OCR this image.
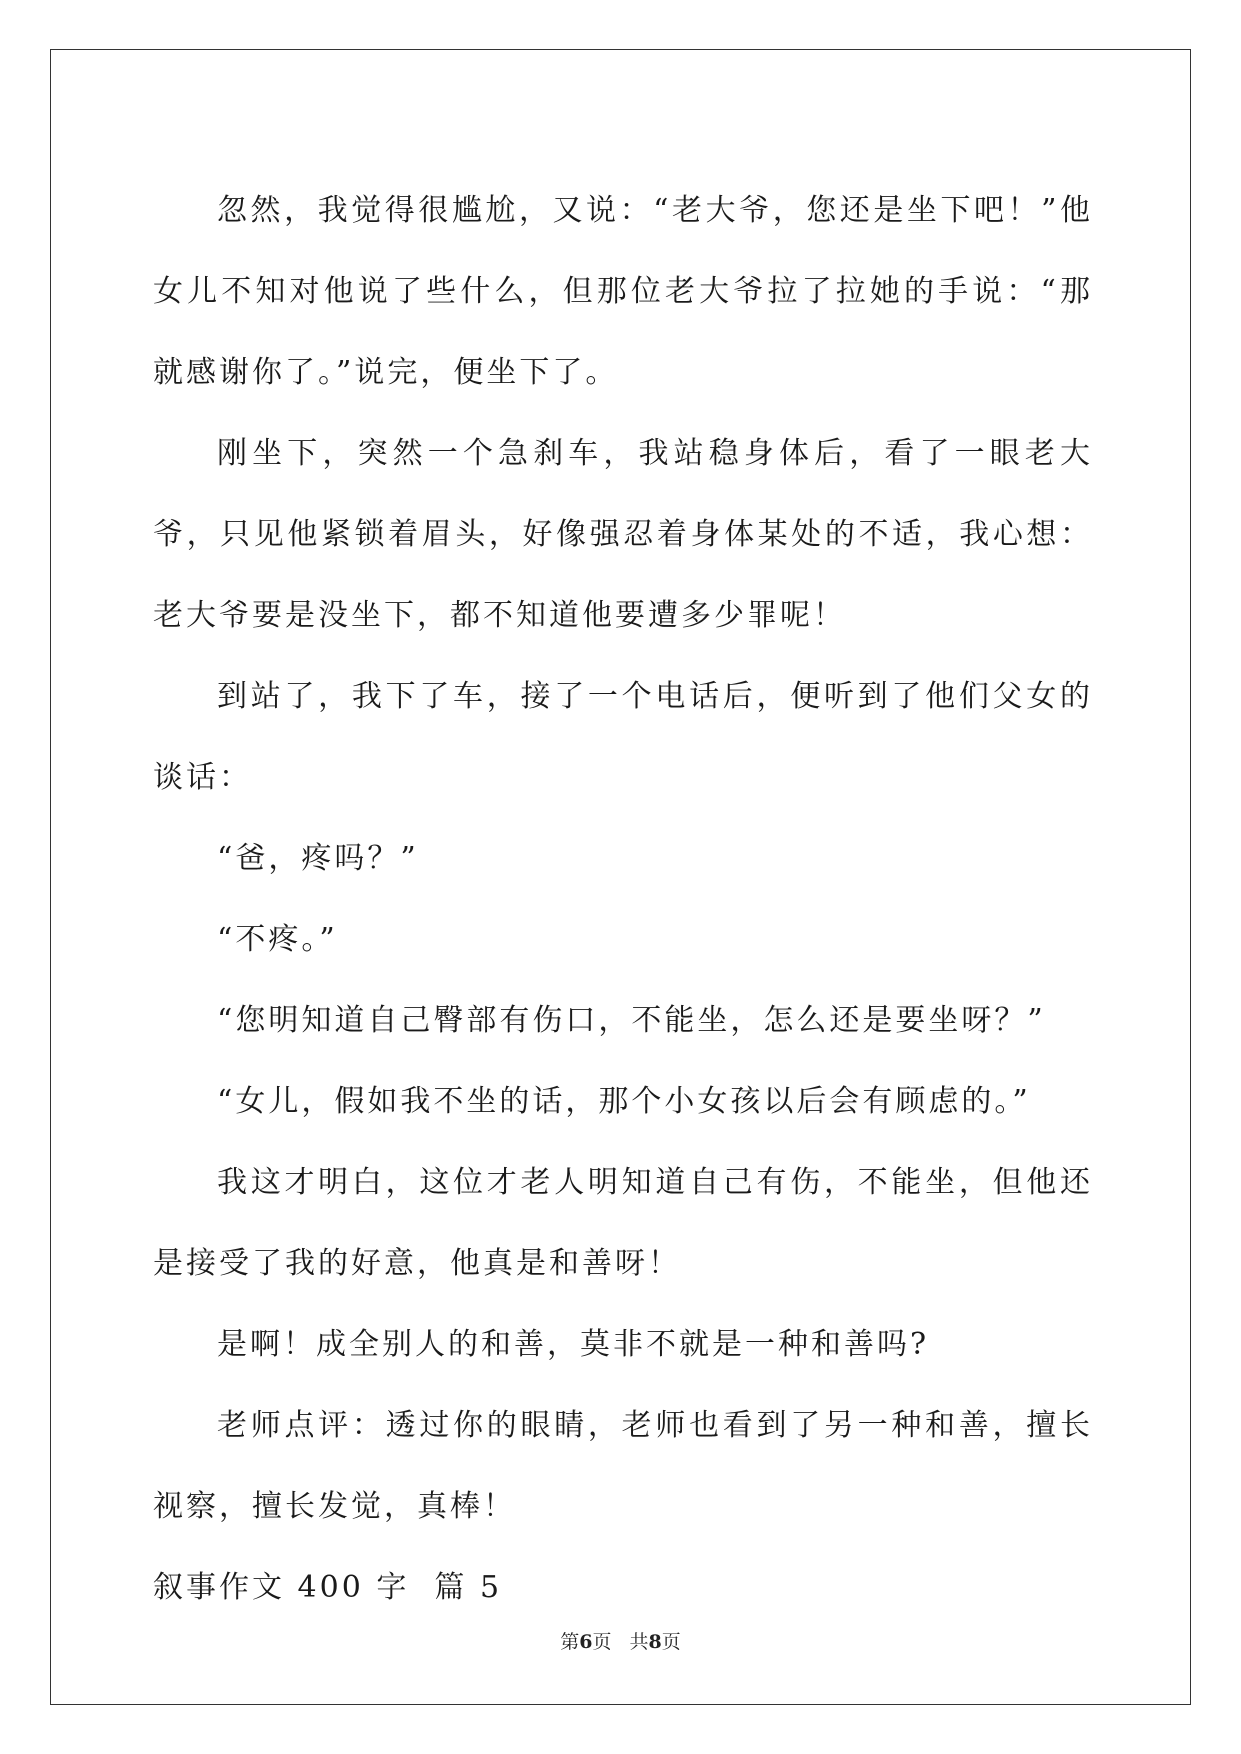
忽然，我觉得很尴尬，又说：“老大爷，您还是坐下吧！”他女儿不知对他说了些什么，但那位老大爷拉了拉她的手说：“那就感谢你了。”说完，便坐下了。

刚坐下，突然一个急刹车，我站稳身体后，看了一眼老大爷，只见他紧锁着眉头，好像强忍着身体某处的不适，我心想：老大爷要是没坐下，都不知道他要遭多少罪呢！

到站了，我下了车，接了一个电话后，便听到了他们父女的谈话：

“爸，疼吗？”

“不疼。”

“您明知道自己臀部有伤口，不能坐，怎么还是要坐呀？”

“女儿，假如我不坐的话，那个小女孩以后会有顾虑的。”

我这才明白，这位才老人明知道自己有伤，不能坐，但他还是接受了我的好意，他真是和善呀！

是啊！成全别人的和善，莫非不就是一种和善吗?

老师点评：透过你的眼睛，老师也看到了另一种和善，擅长视察，擅长发觉，真棒！

叙事作文 400 字  篇 5

第6页 共8页
